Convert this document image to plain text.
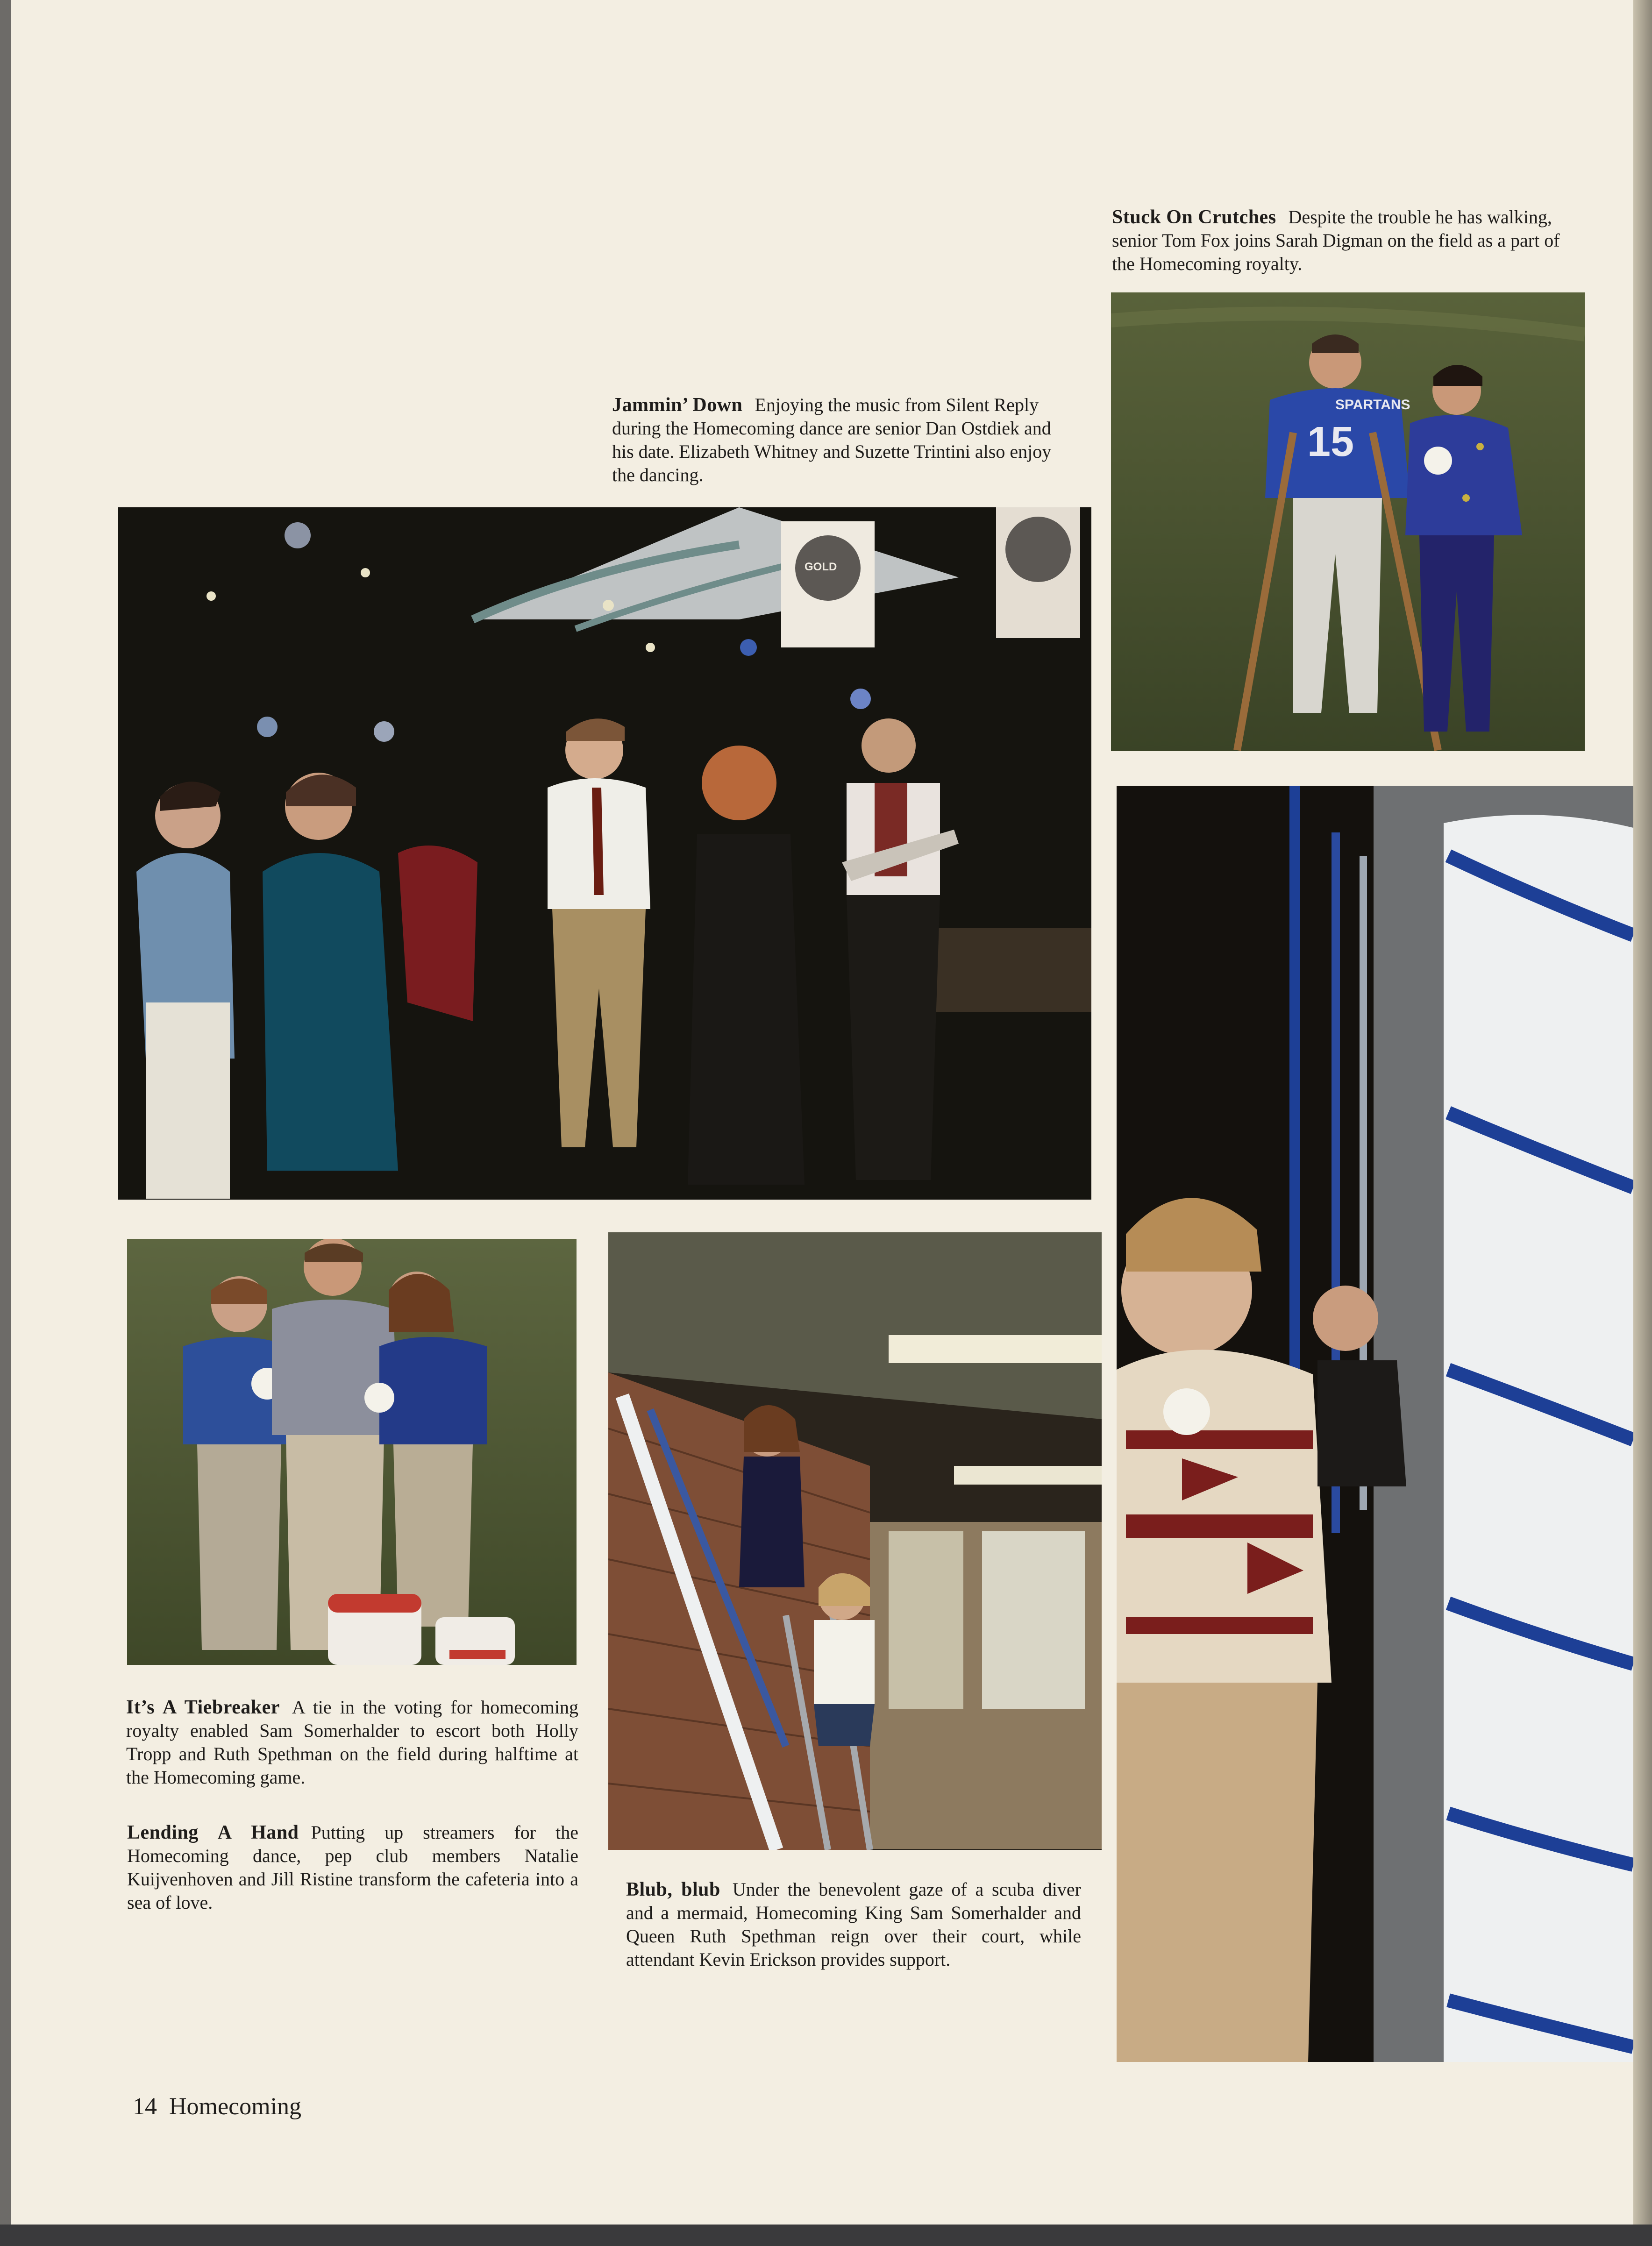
Stuck On Crutches Despite the trouble he has walking, senior Tom Fox joins Sarah Digman on the field as a part of the Homecoming royalty.

15
SPARTANS

Jammin’ Down Enjoying the music from Silent Reply during the Homecoming dance are senior Dan Ostdiek and his date. Elizabeth Whitney and Suzette Trintini also enjoy the dancing.

GOLD

It’s A Tiebreaker A tie in the voting for homecoming royalty enabled Sam Somerhalder to escort both Holly Tropp and Ruth Spethman on the field during halftime at the Homecoming game.

Lending A Hand Putting up streamers for the Homecoming dance, pep club members Natalie Kuijvenhoven and Jill Ristine transform the cafeteria into a sea of love.

Blub, blub Under the benevolent gaze of a scuba diver and a mermaid, Homecoming King Sam Somerhalder and Queen Ruth Spethman reign over their court, while attendant Kevin Erickson provides support.

14 Homecoming
